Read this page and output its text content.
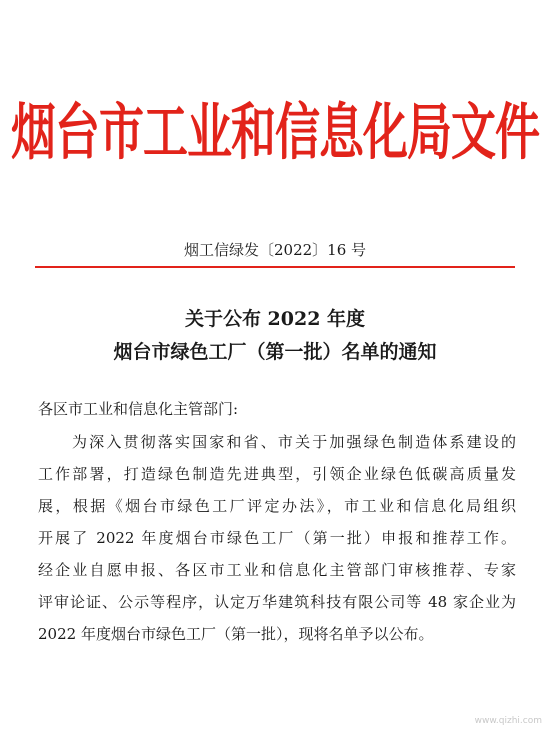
烟台市工业和信息化局文件
烟工信绿发〔2022〕16 号
关于公布 2022 年度
烟台市绿色工厂（第一批）名单的通知
各区市工业和信息化主管部门:
为深入贯彻落实国家和省、市关于加强绿色制造体系建设的
工作部署，打造绿色制造先进典型，引领企业绿色低碳高质量发
展，根据《烟台市绿色工厂评定办法》，市工业和信息化局组织
开展了 2022 年度烟台市绿色工厂（第一批）申报和推荐工作。
经企业自愿申报、各区市工业和信息化主管部门审核推荐、专家
评审论证、公示等程序，认定万华建筑科技有限公司等 48 家企业为
2022 年度烟台市绿色工厂（第一批），现将名单予以公布。
www.qizhi.com
